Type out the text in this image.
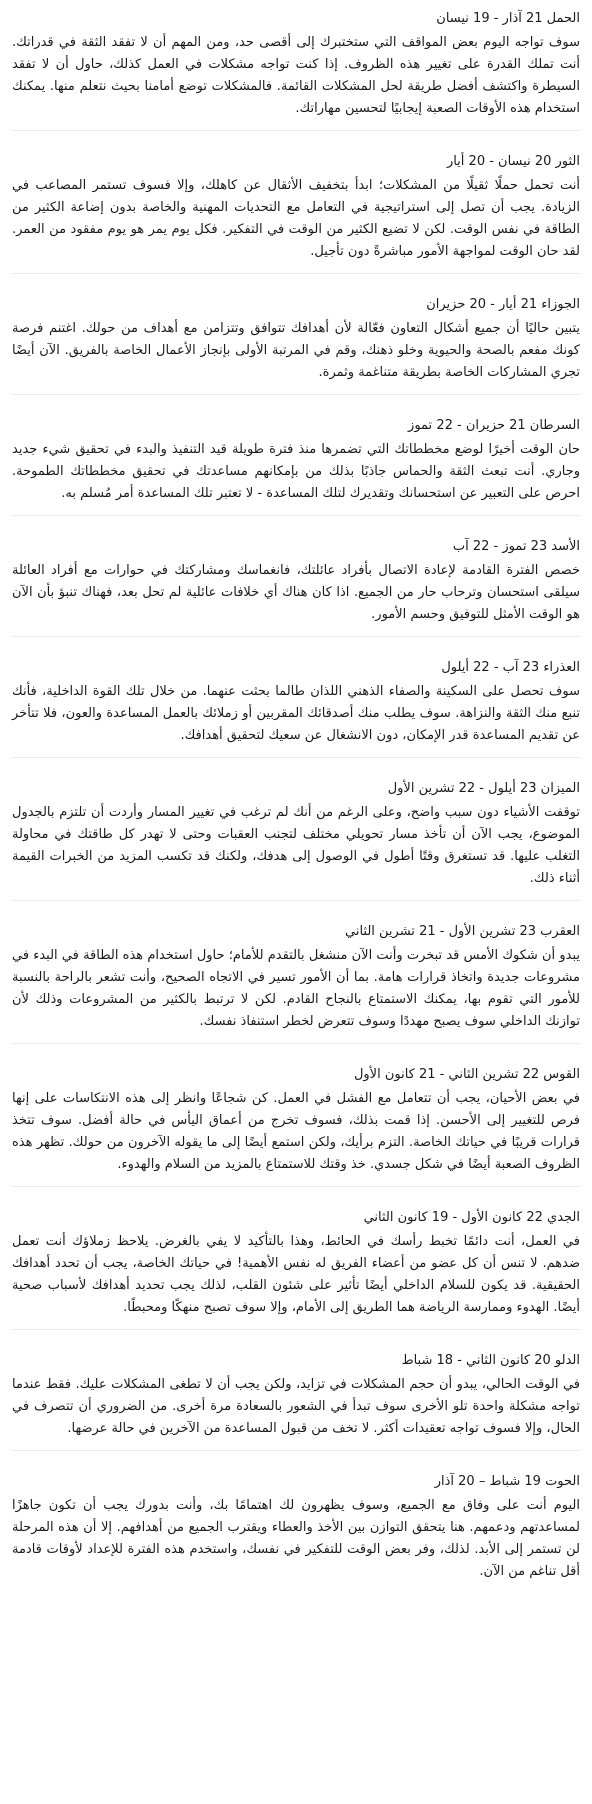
الحمل 21 آذار - 19 نيسان

سوف تواجه اليوم بعض المواقف التي ستختبرك إلى أقصى حد، ومن المهم أن لا تفقد الثقة في قدراتك. أنت تملك القدرة على تغيير هذه الظروف. إذا كنت تواجه مشكلات في العمل كذلك، حاول أن لا تفقد السيطرة واكتشف أفضل طريقة لحل المشكلات القائمة. فالمشكلات توضع أمامنا بحيث نتعلم منها. يمكنك استخدام هذه الأوقات الصعبة إيجابيًا لتحسين مهاراتك.

الثور 20 نيسان - 20 أيار

أنت تحمل حملًا ثقيلًا من المشكلات؛ ابدأ بتخفيف الأثقال عن كاهلك، وإلا فسوف تستمر المصاعب في الزيادة. يجب أن تصل إلى استراتيجية في التعامل مع التحديات المهنية والخاصة بدون إضاعة الكثير من الطاقة في نفس الوقت. لكن لا تضيع الكثير من الوقت في التفكير. فكل يوم يمر هو يوم مفقود من العمر. لقد حان الوقت لمواجهة الأمور مباشرةً دون تأجيل.

الجوزاء 21 أيار - 20 حزيران

يتبين حاليًا أن جميع أشكال التعاون فعّالة لأن أهدافك تتوافق وتتزامن مع أهداف من حولك. اغتنم فرصة كونك مفعم بالصحة والحيوية وخلو ذهنك، وقم في المرتبة الأولى بإنجاز الأعمال الخاصة بالفريق. الآن أيضًا تجري المشاركات الخاصة بطريقة متناغمة وثمرة.

السرطان 21 حزيران - 22 تموز

حان الوقت أخيرًا لوضع مخططاتك التي تضمرها منذ فترة طويلة قيد التنفيذ والبدء في تحقيق شيء جديد وجاري. أنت تبعث الثقة والحماس جاذبًا بذلك من بإمكانهم مساعدتك في تحقيق مخططاتك الطموحة. احرص على التعبير عن استحسانك وتقديرك لتلك المساعدة - لا تعتبر تلك المساعدة أمر مُسلم به.

الأسد 23 تموز - 22 آب

خصص الفترة القادمة لإعادة الاتصال بأفراد عائلتك، فانغماسك ومشاركتك في حوارات مع أفراد العائلة سيلقى استحسان وترحاب حار من الجميع. اذا كان هناك أي خلافات عائلية لم تحل بعد، فهناك تنبؤ بأن الآن هو الوقت الأمثل للتوفيق وحسم الأمور.

العذراء 23 آب - 22 أيلول

سوف تحصل على السكينة والصفاء الذهني اللذان طالما بحثت عنهما. من خلال تلك القوة الداخلية، فأنك تنبع منك الثقة والنزاهة. سوف يطلب منك أصدقائك المقربين أو زملائك بالعمل المساعدة والعون، فلا تتأخر عن تقديم المساعدة قدر الإمكان، دون الانشغال عن سعيك لتحقيق أهدافك.

الميزان 23 أيلول - 22 تشرين الأول

توقفت الأشياء دون سبب واضح، وعلى الرغم من أنك لم ترغب في تغيير المسار وأردت أن تلتزم بالجدول الموضوع، يجب الآن أن تأخذ مسار تحويلي مختلف لتجنب العقبات وحتى لا تهدر كل طاقتك في محاولة التغلب عليها. قد تستغرق وقتًا أطول في الوصول إلى هدفك، ولكنك قد تكسب المزيد من الخبرات القيمة أثناء ذلك.

العقرب 23 تشرين الأول - 21 تشرين الثاني

يبدو أن شكوك الأمس قد تبخرت وأنت الآن منشغل بالتقدم للأمام؛ حاول استخدام هذه الطاقة في البدء في مشروعات جديدة واتخاذ قرارات هامة. بما أن الأمور تسير في الاتجاه الصحيح، وأنت تشعر بالراحة بالنسبة للأمور التي تقوم بها، يمكنك الاستمتاع بالنجاح القادم. لكن لا ترتبط بالكثير من المشروعات وذلك لأن توازنك الداخلي سوف يصبح مهددًا وسوف تتعرض لخطر استنفاذ نفسك.

القوس 22 تشرين الثاني - 21 كانون الأول

في بعض الأحيان، يجب أن تتعامل مع الفشل في العمل. كن شجاعًا وانظر إلى هذه الانتكاسات على إنها فرص للتغيير إلى الأحسن. إذا قمت بذلك، فسوف تخرج من أعماق اليأس في حالة أفضل. سوف تتخذ قرارات قريبًا في حياتك الخاصة. التزم برأيك، ولكن استمع أيضًا إلى ما يقوله الآخرون من حولك. تظهر هذه الظروف الصعبة أيضًا في شكل جسدي. خذ وقتك للاستمتاع بالمزيد من السلام والهدوء.

الجدي 22 كانون الأول - 19 كانون الثاني

في العمل، أنت دائمًا تخبط رأسك في الحائط، وهذا بالتأكيد لا يفي بالغرض. يلاحظ زملاؤك أنت تعمل ضدهم. لا تنس أن كل عضو من أعضاء الفريق له نفس الأهمية! في حياتك الخاصة، يجب أن تحدد أهدافك الحقيقية. قد يكون للسلام الداخلي أيضًا تأثير على شئون القلب، لذلك يجب تحديد أهدافك لأسباب صحية أيضًا. الهدوء وممارسة الرياضة هما الطريق إلى الأمام، وإلا سوف تصبح منهكًا ومحبطًا.

الدلو 20 كانون الثاني - 18 شباط

في الوقت الحالي، يبدو أن حجم المشكلات في تزايد، ولكن يجب أن لا تطغى المشكلات عليك. فقط عندما تواجه مشكلة واحدة تلو الأخرى سوف تبدأ في الشعور بالسعادة مرة أخرى. من الضروري أن تتصرف في الحال، وإلا فسوف تواجه تعقيدات أكثر. لا تخف من قبول المساعدة من الآخرين في حالة عرضها.

الحوت 19 شباط – 20 آذار

اليوم أنت على وفاق مع الجميع، وسوف يظهرون لك اهتمامًا بك، وأنت بدورك يجب أن تكون جاهزًا لمساعدتهم ودعمهم. هنا يتحقق التوازن بين الأخذ والعطاء ويقترب الجميع من أهدافهم. إلا أن هذه المرحلة لن تستمر إلى الأبد. لذلك، وفر بعض الوقت للتفكير في نفسك، واستخدم هذه الفترة للإعداد لأوقات قادمة أقل تناغم من الآن.
